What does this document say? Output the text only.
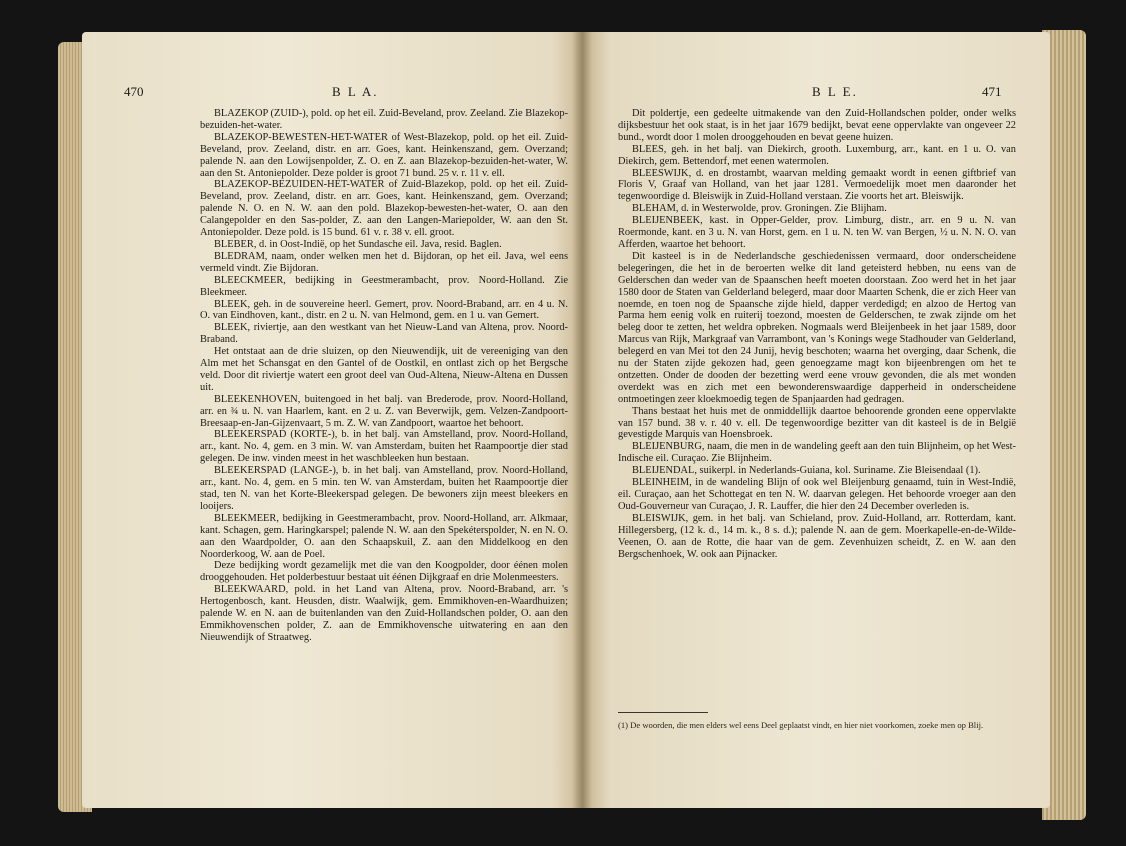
470	B L A.

BLAZEKOP (ZUID-), pold. op het eil. Zuid-Beveland, prov. Zeeland. Zie Blazekop-bezuiden-het-water.

BLAZEKOP-BEWESTEN-HET-WATER of West-Blazekop, pold. op het eil. Zuid-Beveland, prov. Zeeland, distr. en arr. Goes, kant. Heinkenszand, gem. Overzand; palende N. aan den Lowijsenpolder, Z. O. en Z. aan Blazekop-bezuiden-het-water, W. aan den St. Antoniepolder. Deze polder is groot 71 bund. 25 v. r. 11 v. ell.

BLAZEKOP-BEZUIDEN-HET-WATER of Zuid-Blazekop, pold. op het eil. Zuid-Beveland, prov. Zeeland, distr. en arr. Goes, kant. Heinkenszand, gem. Overzand; palende N. O. en N. W. aan den pold. Blazekop-bewesten-het-water, O. aan den Calangepolder en den Sas-polder, Z. aan den Langen-Mariepolder, W. aan den St. Antoniepolder. Deze pold. is 15 bund. 61 v. r. 38 v. ell. groot.

BLEBER, d. in Oost-Indië, op het Sundasche eil. Java, resid. Baglen.

BLEDRAM, naam, onder welken men het d. Bijdoran, op het eil. Java, wel eens vermeld vindt. Zie Bijdoran.

BLEECKMEER, bedijking in Geestmerambacht, prov. Noord-Holland. Zie Bleekmeer.

BLEEK, geh. in de souvereine heerl. Gemert, prov. Noord-Braband, arr. en 4 u. N. O. van Eindhoven, kant., distr. en 2 u. N. van Helmond, gem. en 1 u. van Gemert.

BLEEK, riviertje, aan den westkant van het Nieuw-Land van Altena, prov. Noord-Braband.

Het ontstaat aan de drie sluizen, op den Nieuwendijk, uit de vereeniging van den Alm met het Schansgat en den Gantel of de Oostkil, en ontlast zich op het Bergsche veld. Door dit riviertje watert een groot deel van Oud-Altena, Nieuw-Altena en Dussen uit.

BLEEKENHOVEN, buitengoed in het balj. van Brederode, prov. Noord-Holland, arr. en ¾ u. N. van Haarlem, kant. en 2 u. Z. van Beverwijk, gem. Velzen-Zandpoort-Breesaap-en-Jan-Gijzenvaart, 5 m. Z. W. van Zandpoort, waartoe het behoort.

BLEEKERSPAD (KORTE-), b. in het balj. van Amstelland, prov. Noord-Holland, arr., kant. No. 4, gem. en 3 min. W. van Amsterdam, buiten het Raampoortje dier stad gelegen. De inw. vinden meest in het waschbleeken hun bestaan.

BLEEKERSPAD (LANGE-), b. in het balj. van Amstelland, prov. Noord-Holland, arr., kant. No. 4, gem. en 5 min. ten W. van Amsterdam, buiten het Raampoortje dier stad, ten N. van het Korte-Bleekerspad gelegen. De bewoners zijn meest bleekers en looijers.

BLEEKMEER, bedijking in Geestmerambacht, prov. Noord-Holland, arr. Alkmaar, kant. Schagen, gem. Haringkarspel; palende N. W. aan den Spekéterspolder, N. en N. O. aan den Waardpolder, O. aan den Schaapskuil, Z. aan den Middelkoog en den Noorderkoog, W. aan de Poel.

Deze bedijking wordt gezamelijk met die van den Koogpolder, door éénen molen drooggehouden. Het polderbestuur bestaat uit éénen Dijkgraaf en drie Molenmeesters.

BLEEKWAARD, pold. in het Land van Altena, prov. Noord-Braband, arr. 's Hertogenbosch, kant. Heusden, distr. Waalwijk, gem. Emmikhoven-en-Waardhuizen; palende W. en N. aan de buitenlanden van den Zuid-Hollandschen polder, O. aan den Emmikhovenschen polder, Z. aan de Emmikhovensche uitwatering en aan den Nieuwendijk of Straatweg.

B L E.	471

Dit poldertje, een gedeelte uitmakende van den Zuid-Hollandschen polder, onder welks dijksbestuur het ook staat, is in het jaar 1679 bedijkt, bevat eene oppervlakte van ongeveer 22 bund., wordt door 1 molen drooggehouden en bevat geene huizen.

BLEES, geh. in het balj. van Diekirch, grooth. Luxemburg, arr., kant. en 1 u. O. van Diekirch, gem. Bettendorf, met eenen watermolen.

BLEESWIJK, d. en drostambt, waarvan melding gemaakt wordt in eenen giftbrief van Floris V, Graaf van Holland, van het jaar 1281. Vermoedelijk moet men daaronder het tegenwoordige d. Bleiswijk in Zuid-Holland verstaan. Zie voorts het art. Bleiswijk.

BLEHAM, d. in Westerwolde, prov. Groningen. Zie Blijham.

BLEIJENBEEK, kast. in Opper-Gelder, prov. Limburg, distr., arr. en 9 u. N. van Roermonde, kant. en 3 u. N. van Horst, gem. en 1 u. N. ten W. van Bergen, ½ u. N. N. O. van Afferden, waartoe het behoort.

Dit kasteel is in de Nederlandsche geschiedenissen vermaard, door onderscheidene belegeringen, die het in de beroerten welke dit land geteisterd hebben, nu eens van de Gelderschen dan weder van de Spaanschen heeft moeten doorstaan. Zoo werd het in het jaar 1580 door de Staten van Gelderland belegerd, maar door Maarten Schenk, die er zich Heer van noemde, en toen nog de Spaansche zijde hield, dapper verdedigd; en alzoo de Hertog van Parma hem eenig volk en ruiterij toezond, moesten de Gelderschen, te zwak zijnde om het beleg door te zetten, het weldra opbreken. Nogmaals werd Bleijenbeek in het jaar 1589, door Marcus van Rijk, Markgraaf van Varrambont, van 's Konings wege Stadhouder van Gelderland, belegerd en van Mei tot den 24 Junij, hevig beschoten; waarna het overging, daar Schenk, die nu der Staten zijde gekozen had, geen genoegzame magt kon bijeenbrengen om het te ontzetten. Onder de dooden der bezetting werd eene vrouw gevonden, die als met wonden overdekt was en zich met een bewonderenswaardige dapperheid in onderscheidene ontmoetingen zeer kloekmoedig tegen de Spanjaarden had gedragen.

Thans bestaat het huis met de onmiddellijk daartoe behoorende gronden eene oppervlakte van 157 bund. 38 v. r. 40 v. ell. De tegenwoordige bezitter van dit kasteel is de in België gevestigde Marquis van Hoensbroek.

BLEIJENBURG, naam, die men in de wandeling geeft aan den tuin Blijnheim, op het West-Indische eil. Curaçao. Zie Blijnheim.

BLEIJENDAL, suikerpl. in Nederlands-Guiana, kol. Suriname. Zie Bleisendaal (1).

BLEINHEIM, in de wandeling Blijn of ook wel Bleijenburg genaamd, tuin in West-Indië, eil. Curaçao, aan het Schottegat en ten N. W. daarvan gelegen. Het behoorde vroeger aan den Oud-Gouverneur van Curaçao, J. R. Lauffer, die hier den 24 December overleden is.

BLEISWIJK, gem. in het balj. van Schieland, prov. Zuid-Holland, arr. Rotterdam, kant. Hillegersberg, (12 k. d., 14 m. k., 8 s. d.); palende N. aan de gem. Moerkapelle-en-de-Wilde-Veenen, O. aan de Rotte, die haar van de gem. Zevenhuizen scheidt, Z. en W. aan den Bergschenhoek, W. ook aan Pijnacker.

(1) De woorden, die men elders wel eens Deel geplaatst vindt, en hier niet voorkomen, zoeke men op Blij.
